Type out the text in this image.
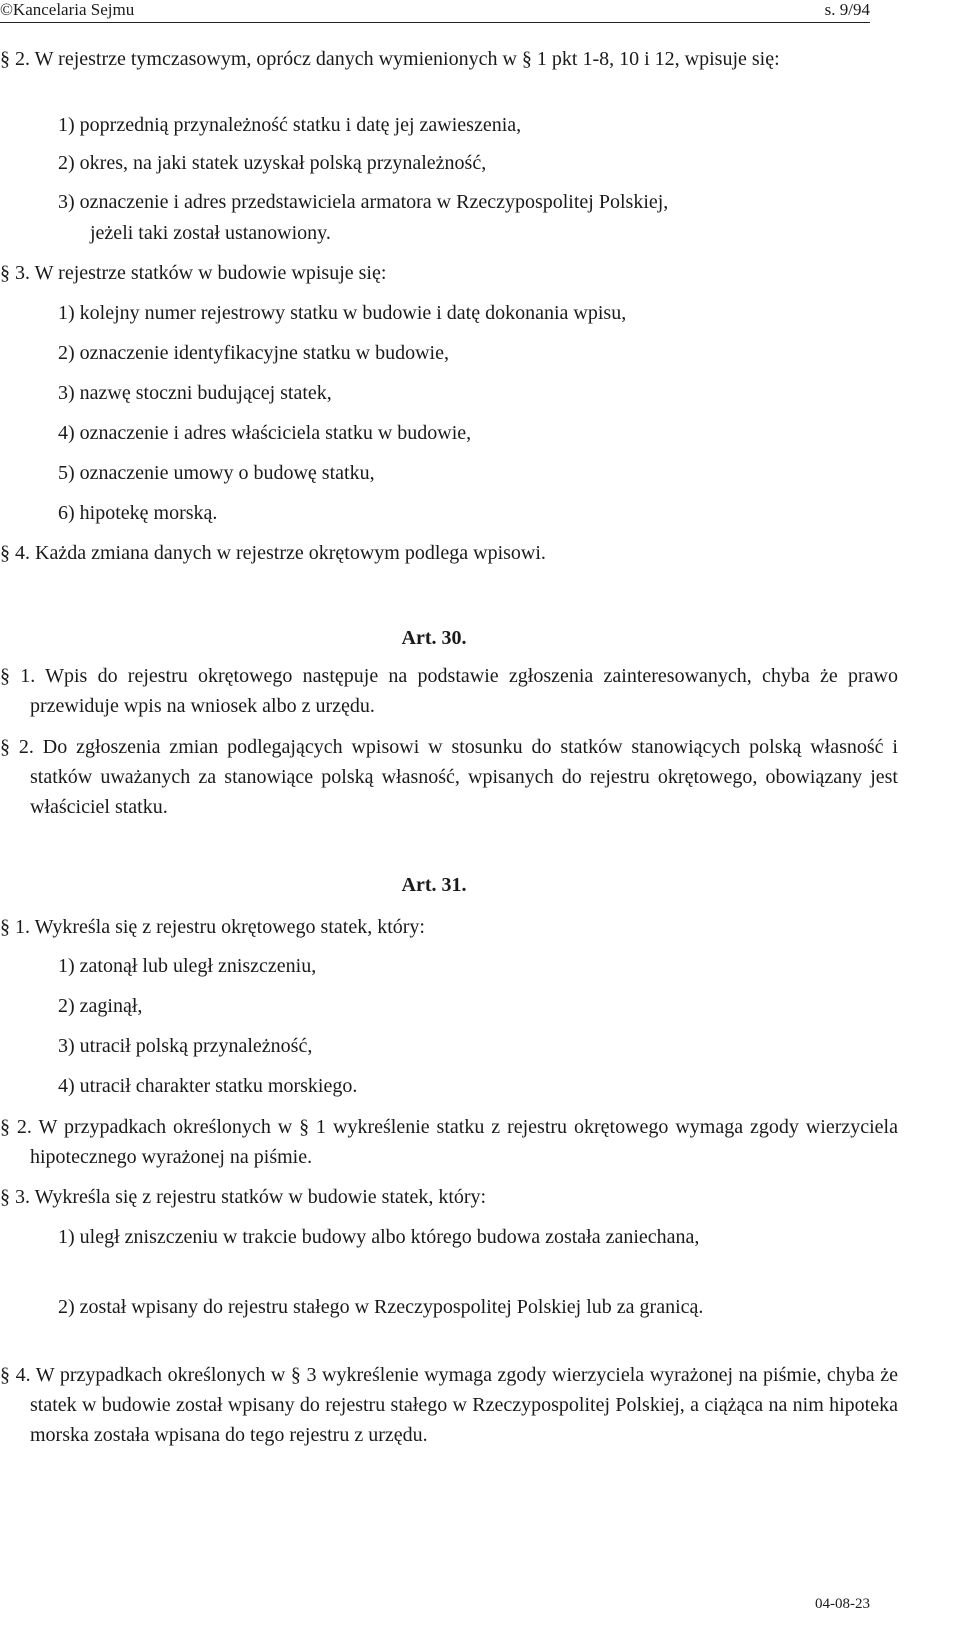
©Kancelaria Sejmu	s. 9/94
§ 2. W rejestrze tymczasowym, oprócz danych wymienionych w § 1 pkt 1-8, 10 i 12, wpisuje się:
1) poprzednią przynależność statku i datę jej zawieszenia,
2) okres, na jaki statek uzyskał polską przynależność,
3) oznaczenie i adres przedstawiciela armatora w Rzeczypospolitej Polskiej,
jeżeli taki został ustanowiony.
§ 3. W rejestrze statków w budowie wpisuje się:
1) kolejny numer rejestrowy statku w budowie i datę dokonania wpisu,
2) oznaczenie identyfikacyjne statku w budowie,
3) nazwę stoczni budującej statek,
4) oznaczenie i adres właściciela statku w budowie,
5) oznaczenie umowy o budowę statku,
6) hipotekę morską.
§ 4. Każda zmiana danych w rejestrze okrętowym podlega wpisowi.
Art. 30.
§ 1. Wpis do rejestru okrętowego następuje na podstawie zgłoszenia zainteresowanych, chyba że prawo przewiduje wpis na wniosek albo z urzędu.
§ 2. Do zgłoszenia zmian podlegających wpisowi w stosunku do statków stanowiących polską własność i statków uważanych za stanowiące polską własność, wpisanych do rejestru okrętowego, obowiązany jest właściciel statku.
Art. 31.
§ 1. Wykreśla się z rejestru okrętowego statek, który:
1) zatonął lub uległ zniszczeniu,
2) zaginął,
3) utracił polską przynależność,
4) utracił charakter statku morskiego.
§ 2. W przypadkach określonych w § 1 wykreślenie statku z rejestru okrętowego wymaga zgody wierzyciela hipotecznego wyrażonej na piśmie.
§ 3. Wykreśla się z rejestru statków w budowie statek, który:
1) uległ zniszczeniu w trakcie budowy albo którego budowa została zaniechana,
2) został wpisany do rejestru stałego w Rzeczypospolitej Polskiej lub za granicą.
§ 4. W przypadkach określonych w § 3 wykreślenie wymaga zgody wierzyciela wyrażonej na piśmie, chyba że statek w budowie został wpisany do rejestru stałego w Rzeczypospolitej Polskiej, a ciążąca na nim hipoteka morska została wpisana do tego rejestru z urzędu.
04-08-23
